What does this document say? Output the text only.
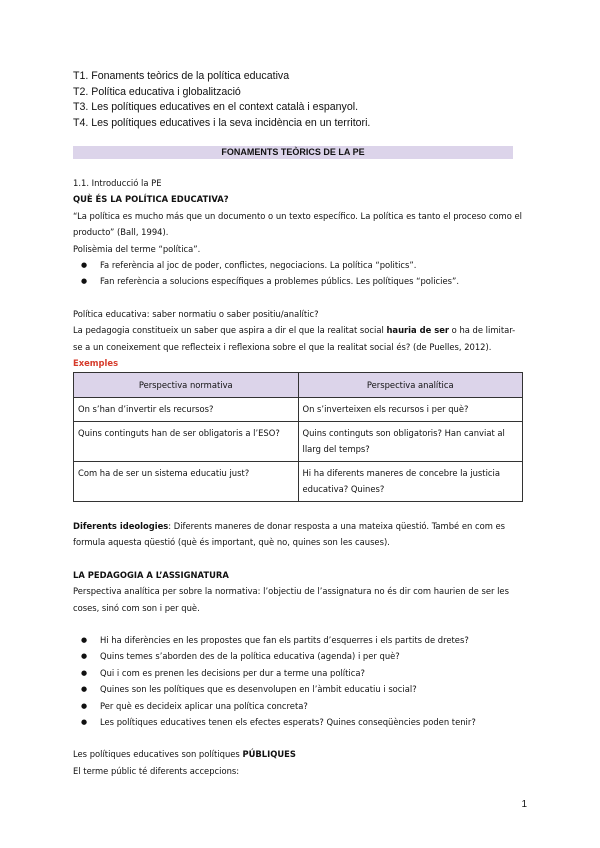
T1. Fonaments teòrics de la política educativa
T2. Política educativa i globalització
T3. Les polítiques educatives en el context català i espanyol.
T4. Les polítiques educatives i la seva incidència en un territori.
FONAMENTS TEÒRICS DE LA PE

1.1. Introducció la PE

QUÈ ÉS LA POLÍTICA EDUCATIVA?

“La política es mucho más que un documento o un texto específico. La política es tanto el proceso como el producto” (Ball, 1994).

Polisèmia del terme “política”.

● Fa referència al joc de poder, conflictes, negociacions. La política “politics”.
● Fan referència a solucions específiques a problemes públics. Les polítiques “policies”.

Política educativa: saber normatiu o saber positiu/analític?

La pedagogia constitueix un saber que aspira a dir el que la realitat social hauria de ser o ha de limitar-se a un coneixement que reflecteix i reflexiona sobre el que la realitat social és? (de Puelles, 2012).

Exemples

Perspectiva normativa	Perspectiva analítica
On s’han d’invertir els recursos?	On s’inverteixen els recursos i per què?
Quins continguts han de ser obligatoris a l’ESO?	Quins continguts son obligatoris? Han canviat al llarg del temps?
Com ha de ser un sistema educatiu just?	Hi ha diferents maneres de concebre la justicia educativa? Quines?

Diferents ideologies: Diferents maneres de donar resposta a una mateixa qüestió. També en com es formula aquesta qüestió (què és important, què no, quines son les causes).

LA PEDAGOGIA A L’ASSIGNATURA

Perspectiva analítica per sobre la normativa: l’objectiu de l’assignatura no és dir com haurien de ser les coses, sinó com son i per què.

● Hi ha diferències en les propostes que fan els partits d’esquerres i els partits de dretes?
● Quins temes s’aborden des de la política educativa (agenda) i per què?
● Qui i com es prenen les decisions per dur a terme una política?
● Quines son les polítiques que es desenvolupen en l’àmbit educatiu i social?
● Per què es decideix aplicar una política concreta?
● Les polítiques educatives tenen els efectes esperats? Quines conseqüències poden tenir?

Les polítiques educatives son polítiques PÚBLIQUES

El terme públic té diferents accepcions:

1
